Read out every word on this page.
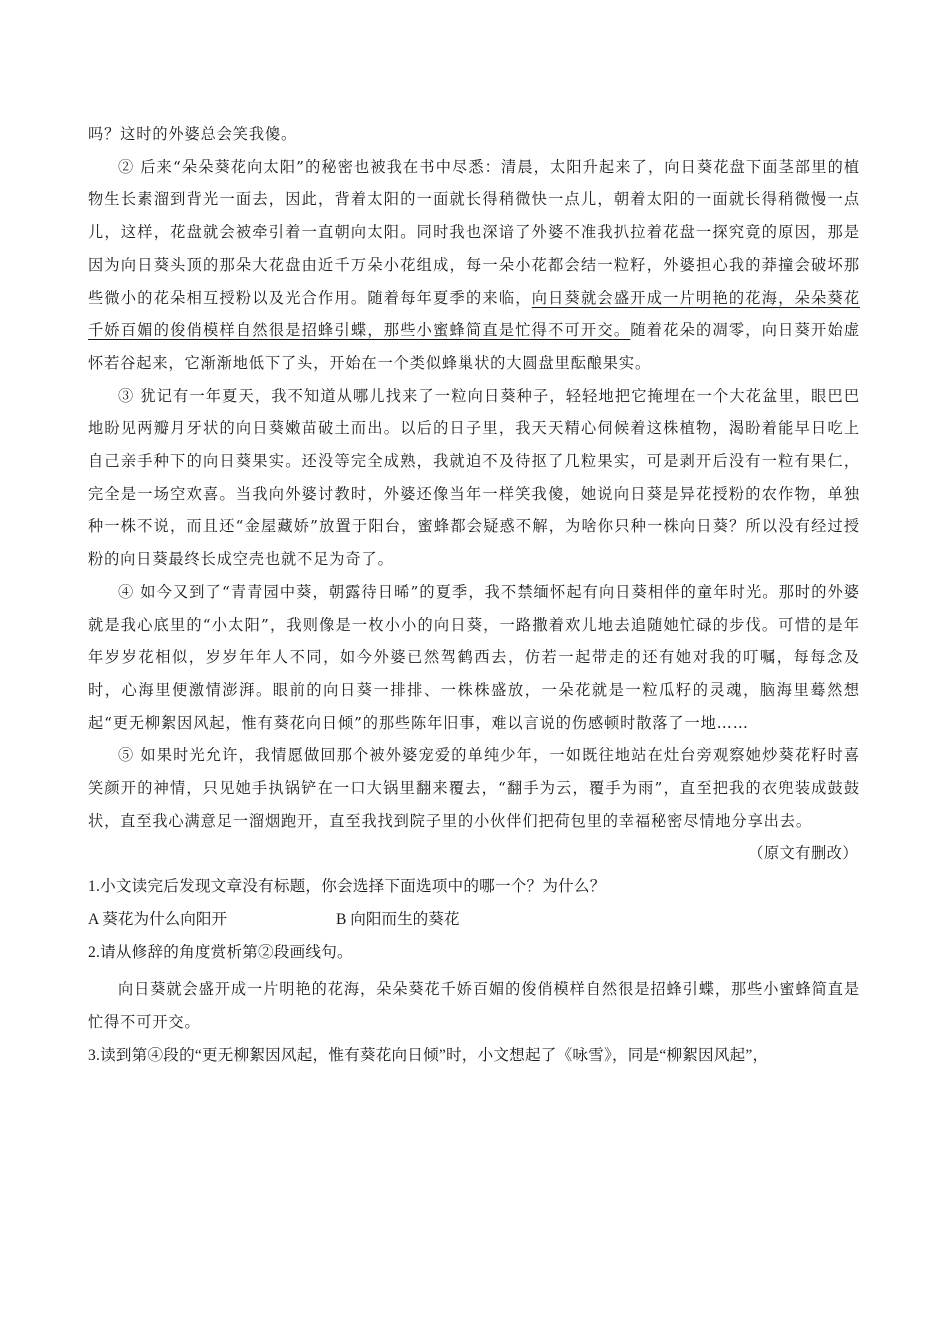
吗？这时的外婆总会笑我傻。

② 后来“朵朵葵花向太阳”的秘密也被我在书中尽悉：清晨，太阳升起来了，向日葵花盘下面茎部里的植物生长素溜到背光一面去，因此，背着太阳的一面就长得稍微快一点儿，朝着太阳的一面就长得稍微慢一点儿，这样，花盘就会被牵引着一直朝向太阳。同时我也深谙了外婆不准我扒拉着花盘一探究竟的原因，那是因为向日葵头顶的那朵大花盘由近千万朵小花组成，每一朵小花都会结一粒籽，外婆担心我的莽撞会破坏那些微小的花朵相互授粉以及光合作用。随着每年夏季的来临，向日葵就会盛开成一片明艳的花海，朵朵葵花千娇百媚的俊俏模样自然很是招蜂引蝶，那些小蜜蜂简直是忙得不可开交。随着花朵的凋零，向日葵开始虚怀若谷起来，它渐渐地低下了头，开始在一个类似蜂巢状的大圆盘里酝酿果实。

③ 犹记有一年夏天，我不知道从哪儿找来了一粒向日葵种子，轻轻地把它掩埋在一个大花盆里，眼巴巴地盼见两瓣月牙状的向日葵嫩苗破土而出。以后的日子里，我天天精心伺候着这株植物，渴盼着能早日吃上自己亲手种下的向日葵果实。还没等完全成熟，我就迫不及待抠了几粒果实，可是剥开后没有一粒有果仁，完全是一场空欢喜。当我向外婆讨教时，外婆还像当年一样笑我傻，她说向日葵是异花授粉的农作物，单独种一株不说，而且还“金屋藏娇”放置于阳台，蜜蜂都会疑惑不解，为啥你只种一株向日葵？所以没有经过授粉的向日葵最终长成空壳也就不足为奇了。

④ 如今又到了“青青园中葵，朝露待日晞”的夏季，我不禁缅怀起有向日葵相伴的童年时光。那时的外婆就是我心底里的“小太阳”，我则像是一枚小小的向日葵，一路撒着欢儿地去追随她忙碌的步伐。可惜的是年年岁岁花相似，岁岁年年人不同，如今外婆已然驾鹤西去，仿若一起带走的还有她对我的叮嘱，每每念及时，心海里便激情澎湃。眼前的向日葵一排排、一株株盛放，一朵花就是一粒瓜籽的灵魂，脑海里蓦然想起“更无柳絮因风起，惟有葵花向日倾”的那些陈年旧事，难以言说的伤感顿时散落了一地……

⑤ 如果时光允许，我情愿做回那个被外婆宠爱的单纯少年，一如既往地站在灶台旁观察她炒葵花籽时喜笑颜开的神情，只见她手执锅铲在一口大锅里翻来覆去，“翻手为云，覆手为雨”，直至把我的衣兜装成鼓鼓状，直至我心满意足一溜烟跑开，直至我找到院子里的小伙伴们把荷包里的幸福秘密尽情地分享出去。

（原文有删改）

1.小文读完后发现文章没有标题，你会选择下面选项中的哪一个？为什么？

A 葵花为什么向阳开	B 向阳而生的葵花

2.请从修辞的角度赏析第②段画线句。

向日葵就会盛开成一片明艳的花海，朵朵葵花千娇百媚的俊俏模样自然很是招蜂引蝶，那些小蜜蜂简直是忙得不可开交。

3.读到第④段的“更无柳絮因风起，惟有葵花向日倾”时，小文想起了《咏雪》，同是“柳絮因风起”，
